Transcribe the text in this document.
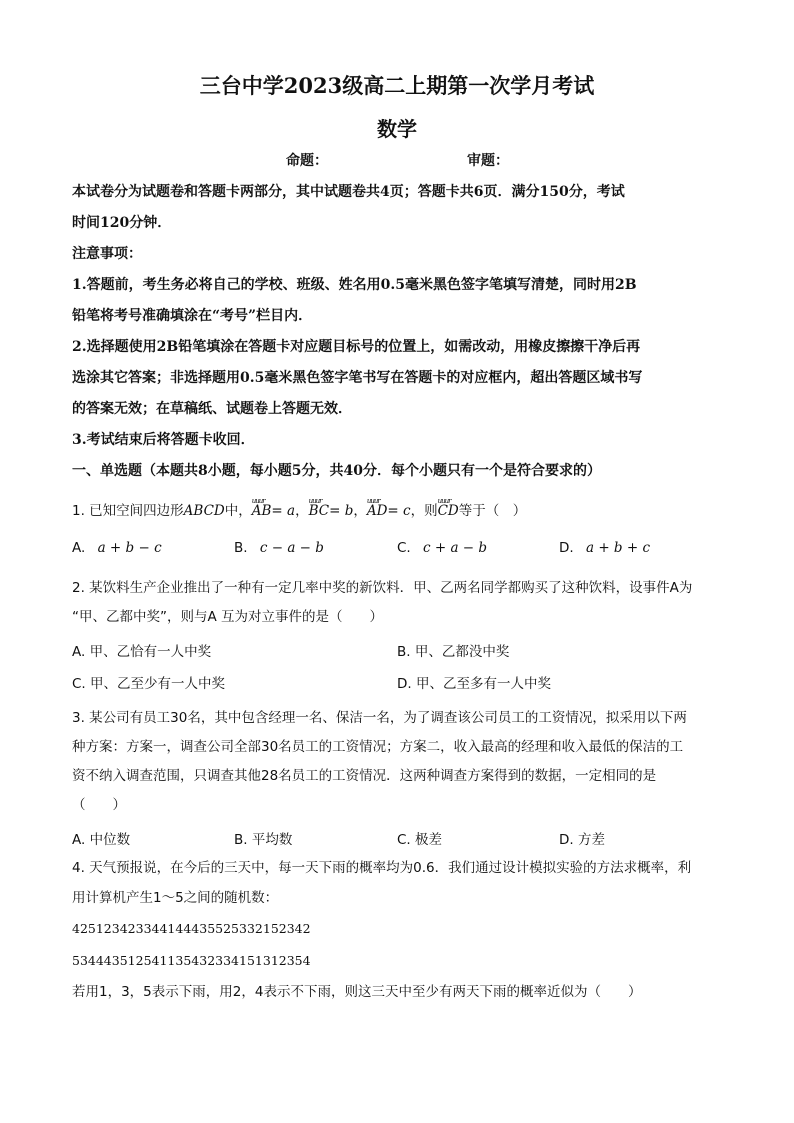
三台中学2023级高二上期第一次学月考试
数学
命题：	审题：
本试卷分为试题卷和答题卡两部分，其中试题卷共4页；答题卡共6页．满分150分，考试
时间120分钟．
注意事项：
1.答题前，考生务必将自己的学校、班级、姓名用0.5毫米黑色签字笔填写清楚，同时用2B
铅笔将考号准确填涂在“考号”栏目内．
2.选择题使用2B铅笔填涂在答题卡对应题目标号的位置上，如需改动，用橡皮擦擦干净后再
选涂其它答案；非选择题用0.5毫米黑色签字笔书写在答题卡的对应框内，超出答题区域书写
的答案无效；在草稿纸、试题卷上答题无效．
3.考试结束后将答题卡收回．
一、单选题（本题共8小题，每小题5分，共40分．每个小题只有一个是符合要求的）
1. 已知空间四边形ABCD中，uuur AB= a，uuur BC= b，uuur AD= c，则uuur CD等于（　）
A. a + b − c	B. c − a − b	C. c + a − b	D. a + b + c
2. 某饮料生产企业推出了一种有一定几率中奖的新饮料．甲、乙两名同学都购买了这种饮料，设事件A为
“甲、乙都中奖”，则与A 互为对立事件的是（　　）
A. 甲、乙恰有一人中奖	B. 甲、乙都没中奖
C. 甲、乙至少有一人中奖	D. 甲、乙至多有一人中奖
3. 某公司有员工30名，其中包含经理一名、保洁一名，为了调查该公司员工的工资情况，拟采用以下两
种方案：方案一，调查公司全部30名员工的工资情况；方案二，收入最高的经理和收入最低的保洁的工
资不纳入调查范围，只调查其他28名员工的工资情况．这两种调查方案得到的数据，一定相同的是
（　　）
A. 中位数	B. 平均数	C. 极差	D. 方差
4. 天气预报说，在今后的三天中，每一天下雨的概率均为0.6．我们通过设计模拟实验的方法求概率，利
用计算机产生1～5之间的随机数：
425123423344144435525332152342
534443512541135432334151312354
若用1，3，5表示下雨，用2，4表示不下雨，则这三天中至少有两天下雨的概率近似为（　　）
